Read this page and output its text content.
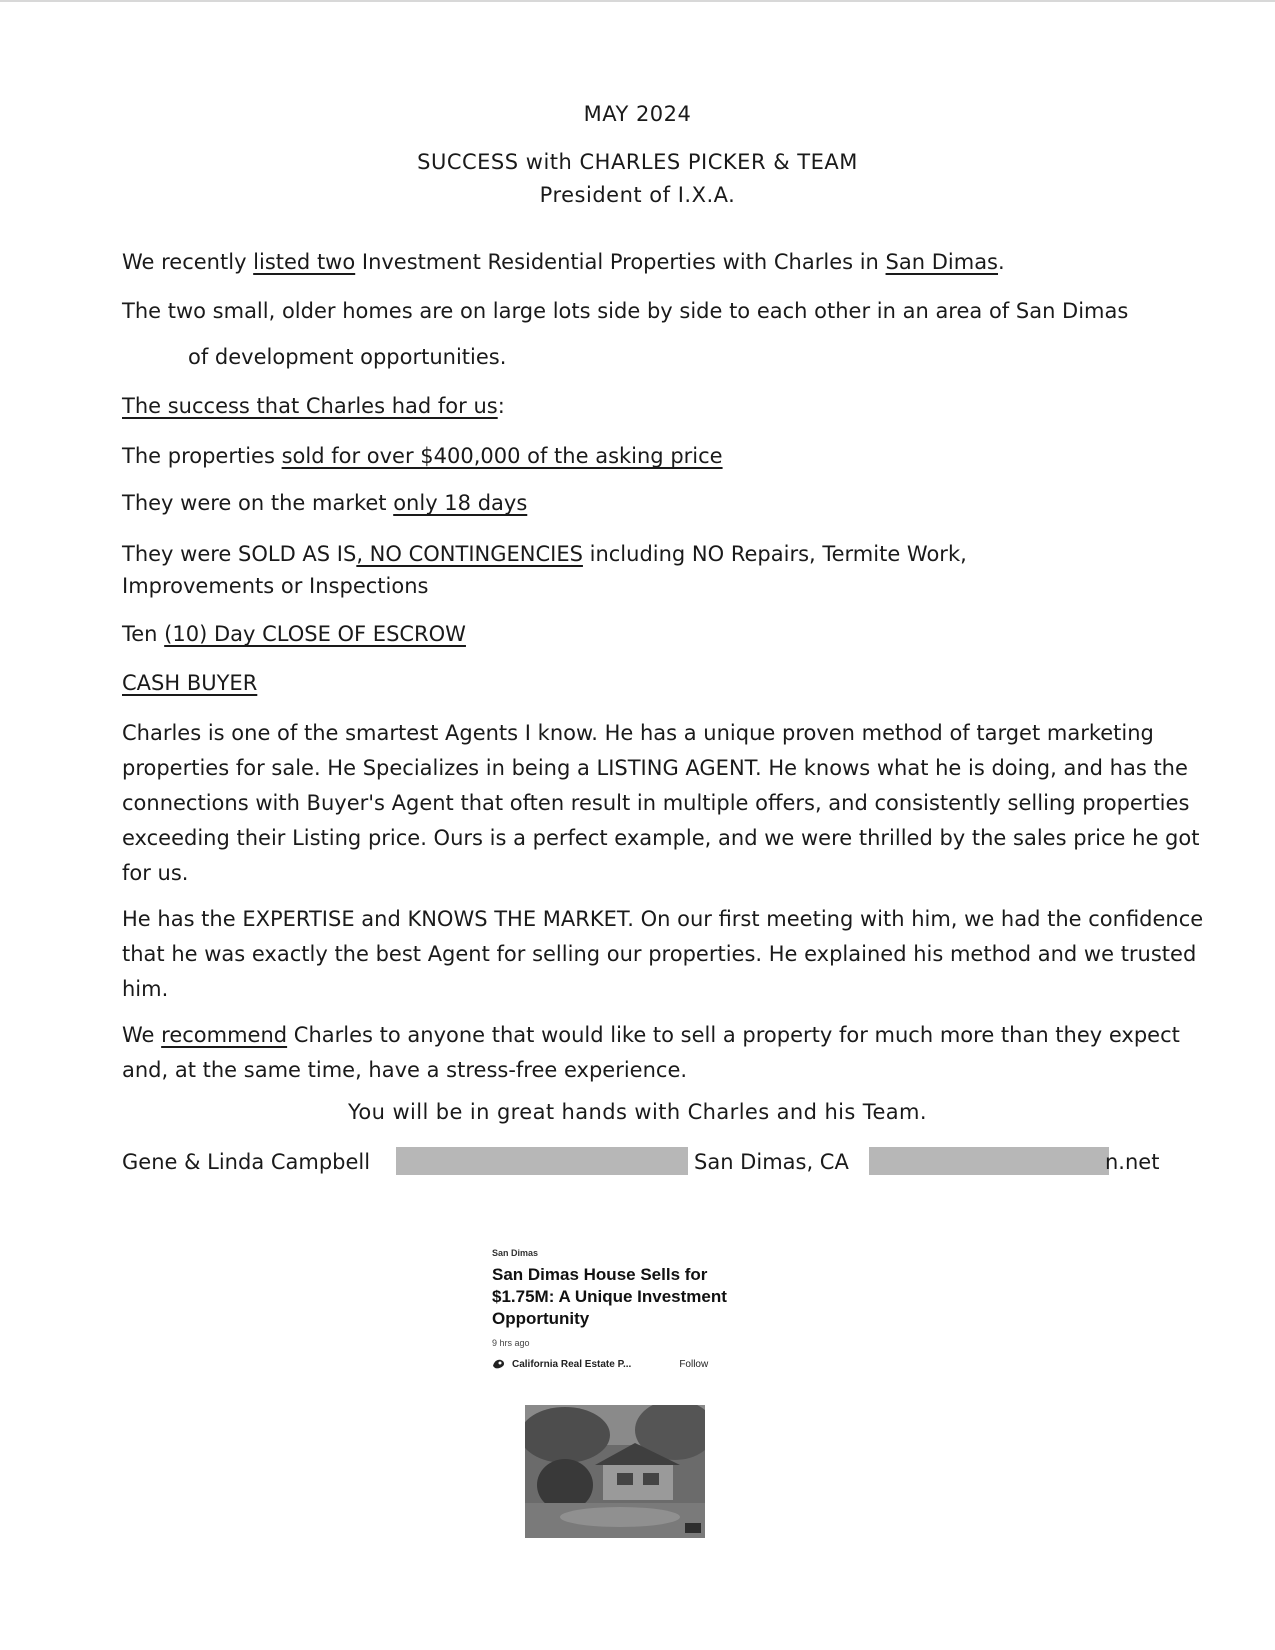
MAY 2024
SUCCESS with CHARLES PICKER & TEAM
President of I.X.A.
We recently listed two Investment Residential Properties with Charles in San Dimas.
The two small, older homes are on large lots side by side to each other in an area of San Dimas
of development opportunities.
The success that Charles had for us:
The properties sold for over $400,000 of the asking price
They were on the market only 18 days
They were SOLD AS IS, NO CONTINGENCIES including NO Repairs, Termite Work,
Improvements or Inspections
Ten (10) Day CLOSE OF ESCROW
CASH BUYER
Charles is one of the smartest Agents I know. He has a unique proven method of target marketing properties for sale. He Specializes in being a LISTING AGENT. He knows what he is doing, and has the connections with Buyer's Agent that often result in multiple offers, and consistently selling properties exceeding their Listing price. Ours is a perfect example, and we were thrilled by the sales price he got for us.
He has the EXPERTISE and KNOWS THE MARKET. On our first meeting with him, we had the confidence that he was exactly the best Agent for selling our properties. He explained his method and we trusted him.
We recommend Charles to anyone that would like to sell a property for much more than they expect and, at the same time, have a stress-free experience.
You will be in great hands with Charles and his Team.
Gene & Linda Campbell	San Dimas, CA	n.net
San Dimas
San Dimas House Sells for $1.75M: A Unique Investment Opportunity
9 hrs ago
California Real Estate P...	Follow
